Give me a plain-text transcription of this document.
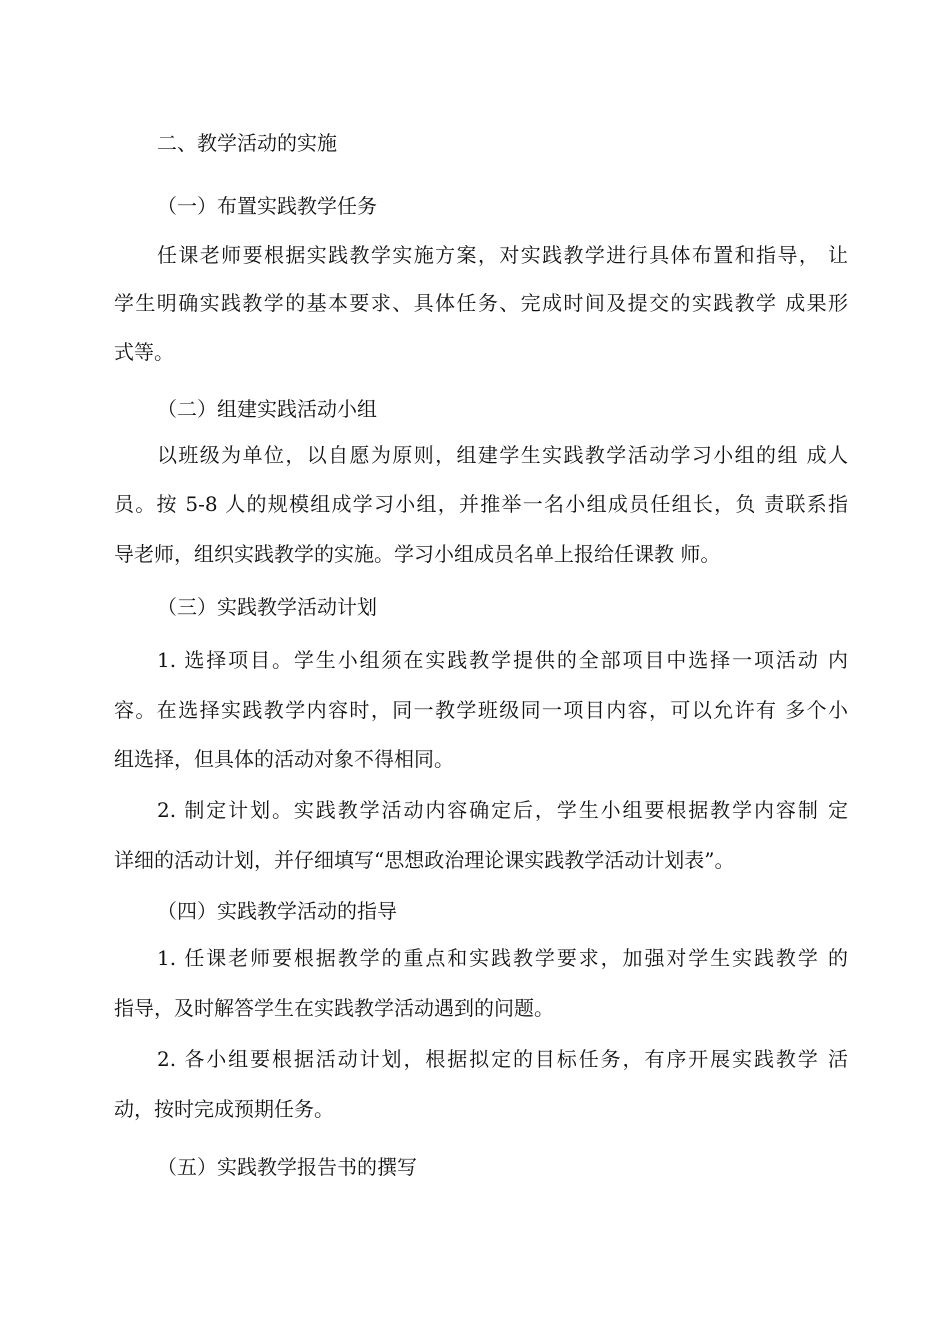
二、教学活动的实施
（一）布置实践教学任务
任课老师要根据实践教学实施方案，对实践教学进行具体布置和指导， 让
学生明确实践教学的基本要求、具体任务、完成时间及提交的实践教学 成果形
式等。
（二）组建实践活动小组
以班级为单位，以自愿为原则，组建学生实践教学活动学习小组的组 成人
员。按 5-8 人的规模组成学习小组，并推举一名小组成员任组长，负 责联系指
导老师，组织实践教学的实施。学习小组成员名单上报给任课教 师。
（三）实践教学活动计划
1. 选择项目。学生小组须在实践教学提供的全部项目中选择一项活动 内
容。在选择实践教学内容时，同一教学班级同一项目内容，可以允许有 多个小
组选择，但具体的活动对象不得相同。
2. 制定计划。实践教学活动内容确定后，学生小组要根据教学内容制 定
详细的活动计划，并仔细填写“思想政治理论课实践教学活动计划表”。
（四）实践教学活动的指导
1. 任课老师要根据教学的重点和实践教学要求，加强对学生实践教学 的
指导，及时解答学生在实践教学活动遇到的问题。
2. 各小组要根据活动计划，根据拟定的目标任务，有序开展实践教学 活
动，按时完成预期任务。
（五）实践教学报告书的撰写
